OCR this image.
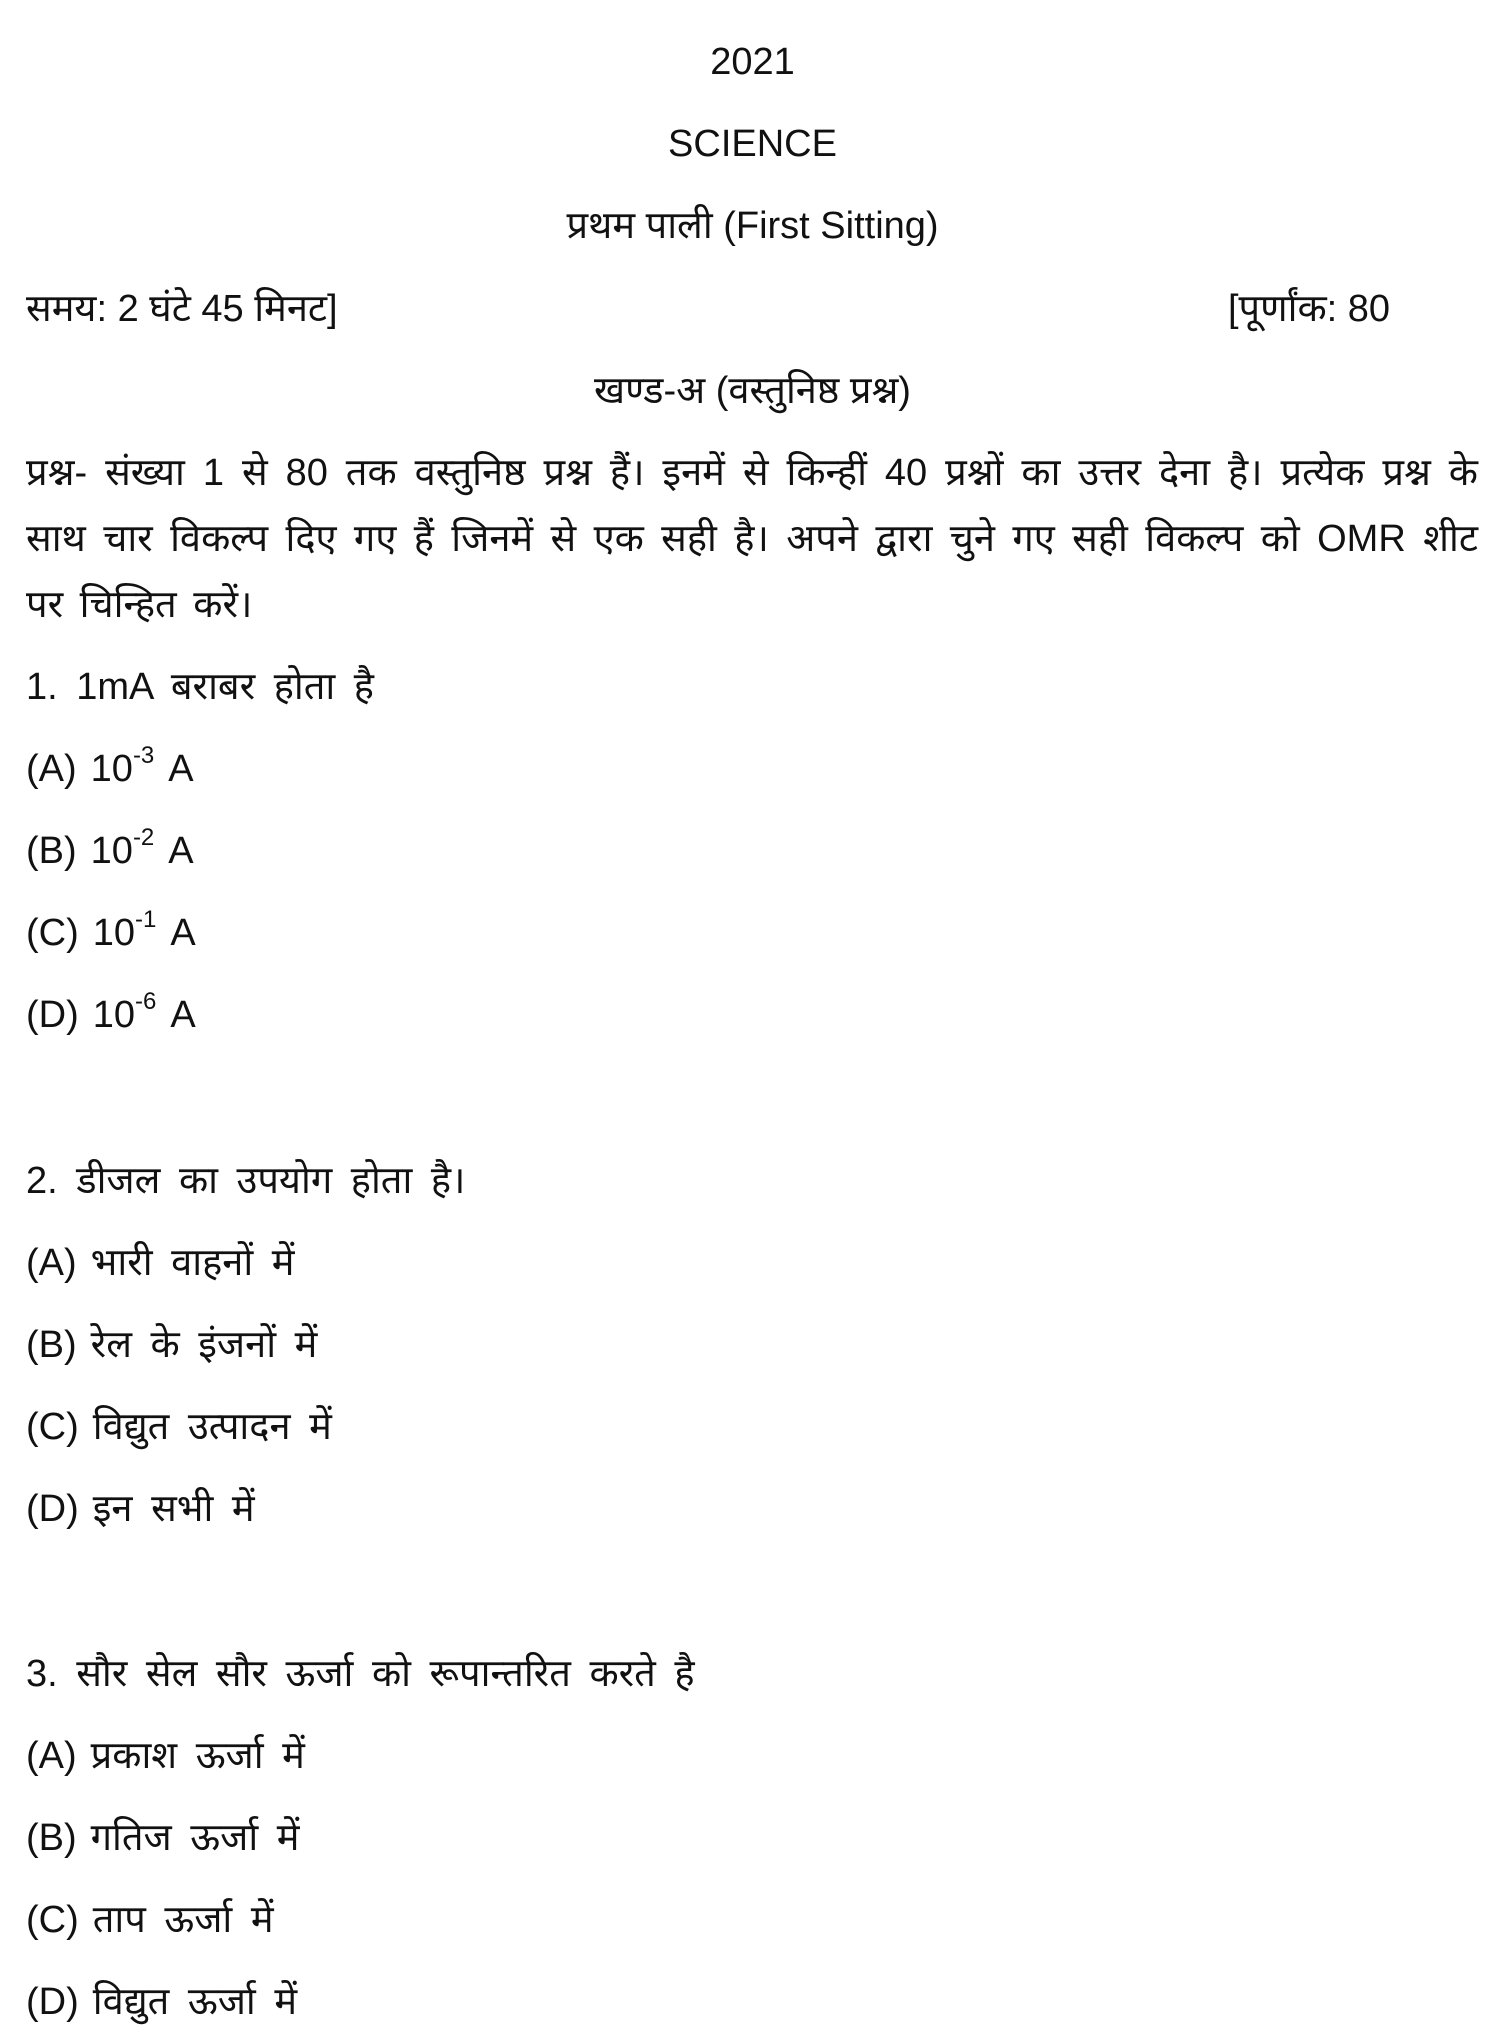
2021
SCIENCE
प्रथम पाली (First Sitting)
समय: 2 घंटे 45 मिनट]	[पूर्णांक: 80
खण्ड-अ (वस्तुनिष्ठ प्रश्न)
प्रश्न- संख्या 1 से 80 तक वस्तुनिष्ठ प्रश्न हैं। इनमें से किन्हीं 40 प्रश्नों का उत्तर देना है। प्रत्येक प्रश्न के साथ चार विकल्प दिए गए हैं जिनमें से एक सही है। अपने द्वारा चुने गए सही विकल्प को OMR शीट पर चिन्हित करें।
1. 1mA बराबर होता है
(A) $10^{-3}$ A
(B) $10^{-2}$ A
(C) $10^{-1}$ A
(D) $10^{-6}$ A
2. डीजल का उपयोग होता है।
(A) भारी वाहनों में
(B) रेल के इंजनों में
(C) विद्युत उत्पादन में
(D) इन सभी में
3. सौर सेल सौर ऊर्जा को रूपान्तरित करते है
(A) प्रकाश ऊर्जा में
(B) गतिज ऊर्जा में
(C) ताप ऊर्जा में
(D) विद्युत ऊर्जा में
